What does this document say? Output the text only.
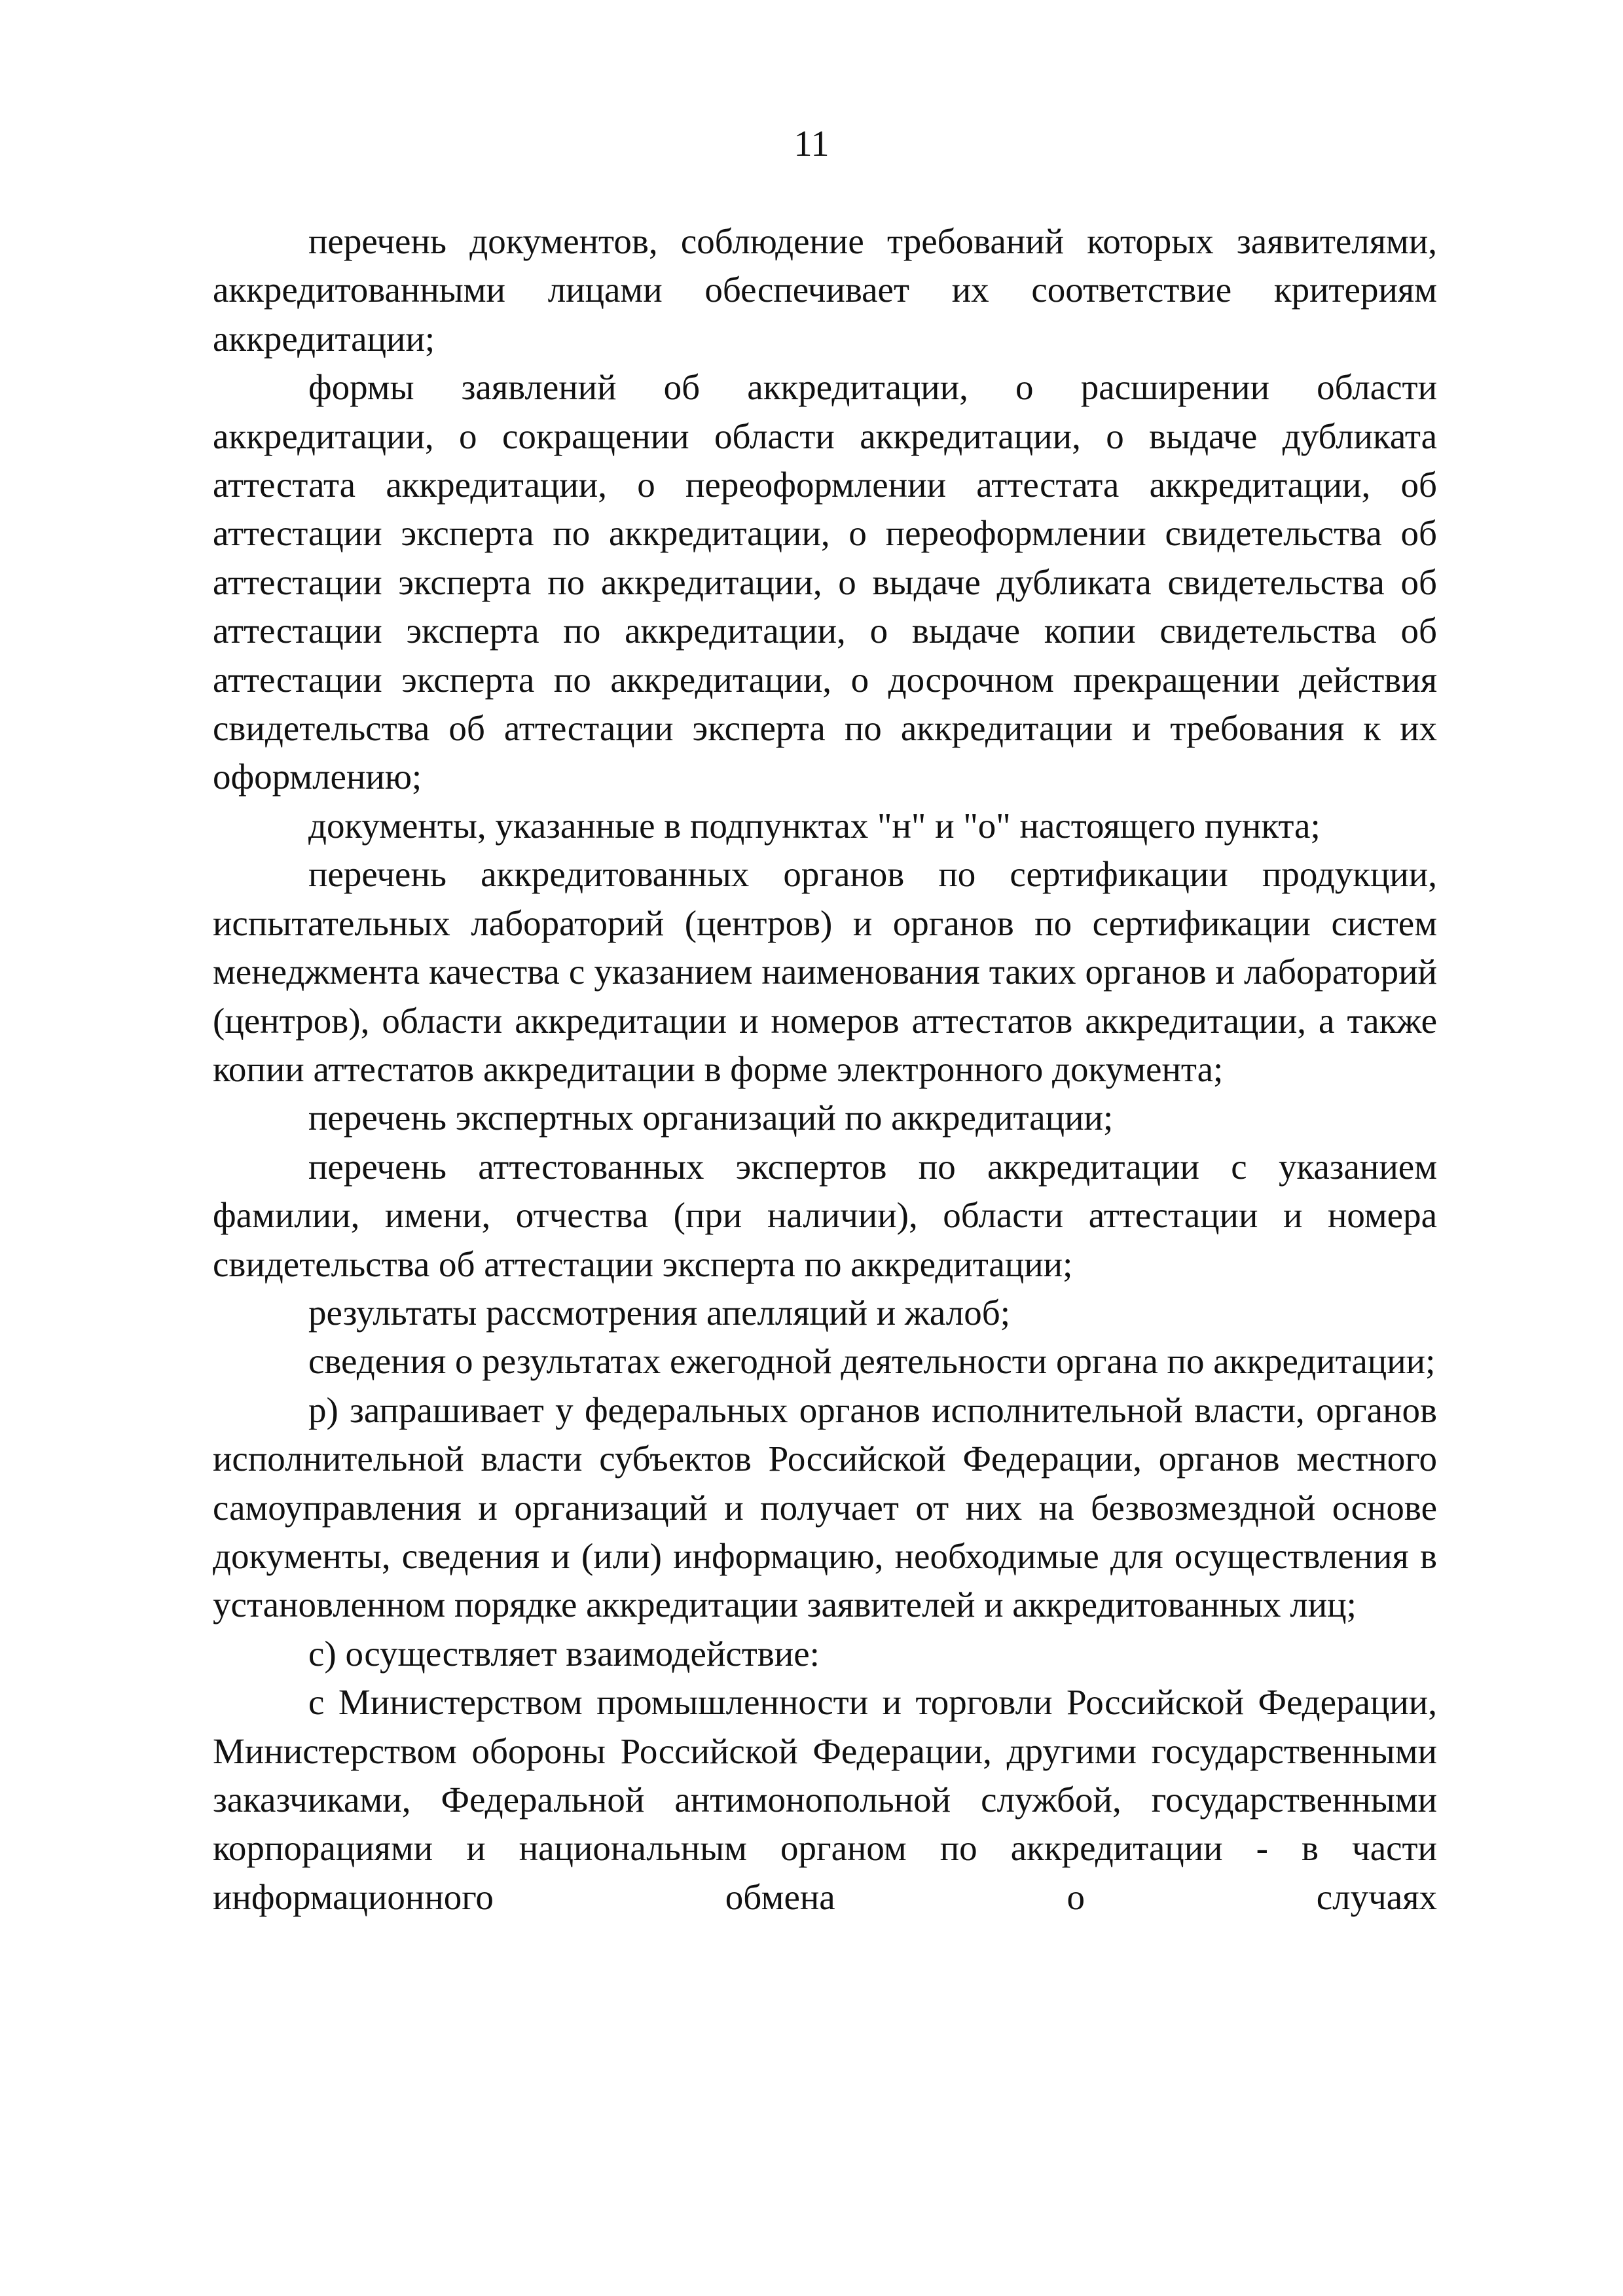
11

перечень документов, соблюдение требований которых заявителями, аккредитованными лицами обеспечивает их соответствие критериям аккредитации;

формы заявлений об аккредитации, о расширении области аккредитации, о сокращении области аккредитации, о выдаче дубликата аттестата аккредитации, о переоформлении аттестата аккредитации, об аттестации эксперта по аккредитации, о переоформлении свидетельства об аттестации эксперта по аккредитации, о выдаче дубликата свидетельства об аттестации эксперта по аккредитации, о выдаче копии свидетельства об аттестации эксперта по аккредитации, о досрочном прекращении действия свидетельства об аттестации эксперта по аккредитации и требования к их оформлению;

документы, указанные в подпунктах "н" и "о" настоящего пункта;

перечень аккредитованных органов по сертификации продукции, испытательных лабораторий (центров) и органов по сертификации систем менеджмента качества с указанием наименования таких органов и лабораторий (центров), области аккредитации и номеров аттестатов аккредитации, а также копии аттестатов аккредитации в форме электронного документа;

перечень экспертных организаций по аккредитации;

перечень аттестованных экспертов по аккредитации с указанием фамилии, имени, отчества (при наличии), области аттестации и номера свидетельства об аттестации эксперта по аккредитации;

результаты рассмотрения апелляций и жалоб;

сведения о результатах ежегодной деятельности органа по аккредитации;

р) запрашивает у федеральных органов исполнительной власти, органов исполнительной власти субъектов Российской Федерации, органов местного самоуправления и организаций и получает от них на безвозмездной основе документы, сведения и (или) информацию, необходимые для осуществления в установленном порядке аккредитации заявителей и аккредитованных лиц;

с) осуществляет взаимодействие:

с Министерством промышленности и торговли Российской Федерации, Министерством обороны Российской Федерации, другими государственными заказчиками, Федеральной антимонопольной службой, государственными корпорациями и национальным органом по аккредитации - в части информационного обмена о случаях
